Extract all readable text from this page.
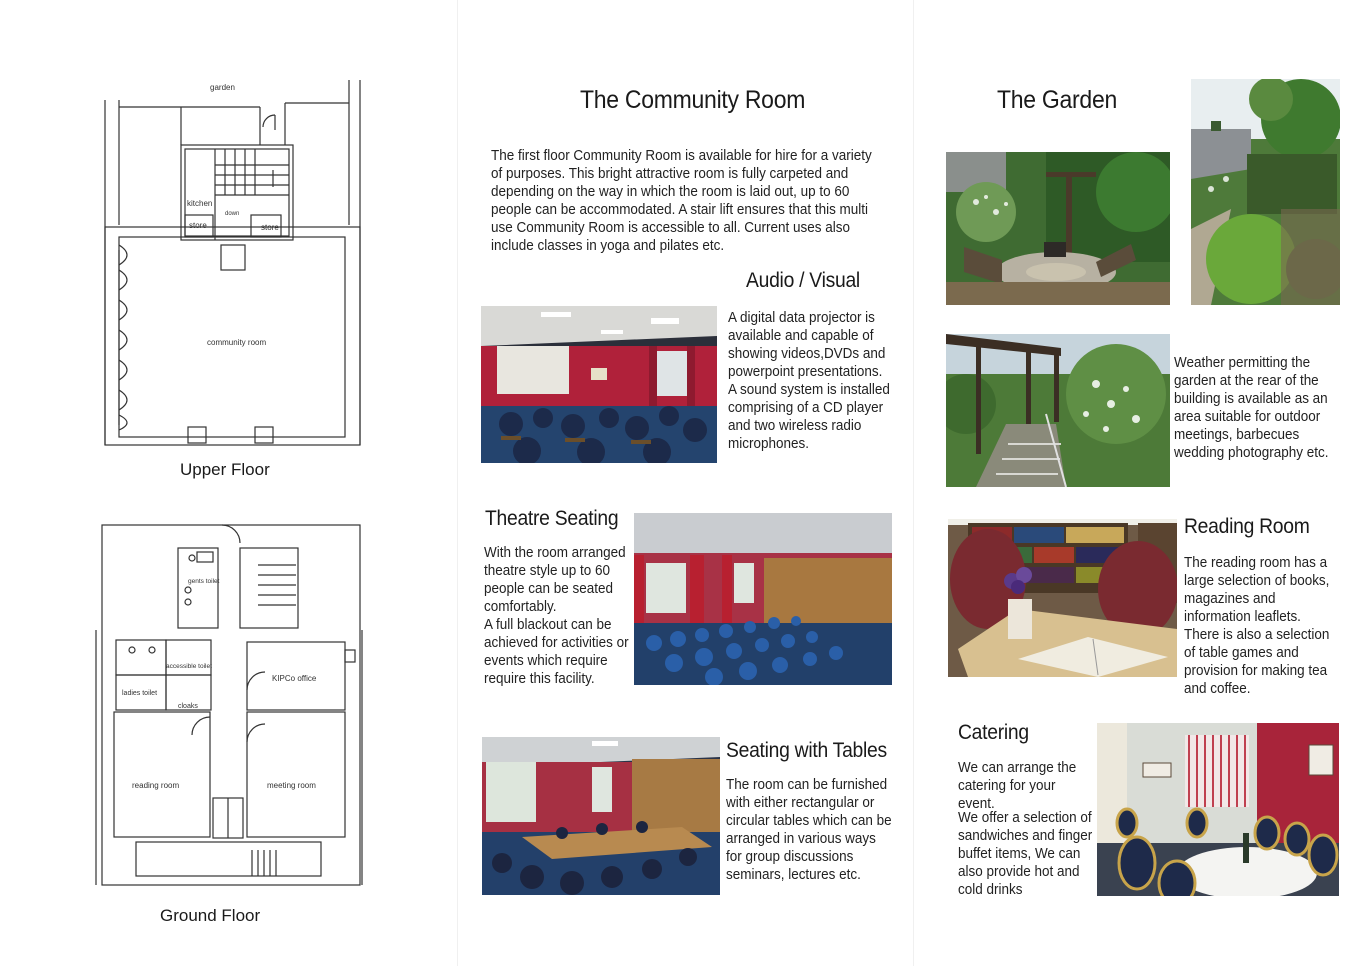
garden
kitchen
store
down
store
community room
Upper Floor
gents toilet
accessible toilet
ladies toilet
cloaks
KIPCo office
reading room	meeting room
Ground Floor
The Community Room
The first floor Community Room is available for hire for a variety of purposes. This bright attractive room is fully carpeted and depending on the way in which the room is laid out, up to 60 people can be accommodated. A stair lift ensures that this multi use Community Room is accessible to all. Current uses also include classes in yoga and pilates etc.
Audio / Visual
A digital data projector is available and capable of showing videos,DVDs and powerpoint presentations. A sound system is installed comprising of a CD player and two wireless radio microphones.
Theatre Seating
With the room arranged theatre style up to 60 people can be seated comfortably.
A full blackout can be achieved for activities or events which require require this facility.
Seating with Tables
The room can be furnished with either rectangular or circular tables which can be arranged in various ways for group discussions seminars, lectures etc.
The Garden
Weather permitting the garden at the rear of the building is available as an area suitable for outdoor meetings, barbecues wedding photography etc.
Reading Room
The reading room has a large selection of books, magazines and information leaflets. There is also a selection of table games and provision for making tea and coffee.
Catering
We can arrange the catering for your event.
We offer a selection of sandwiches and finger buffet items, We can also provide hot and cold drinks
